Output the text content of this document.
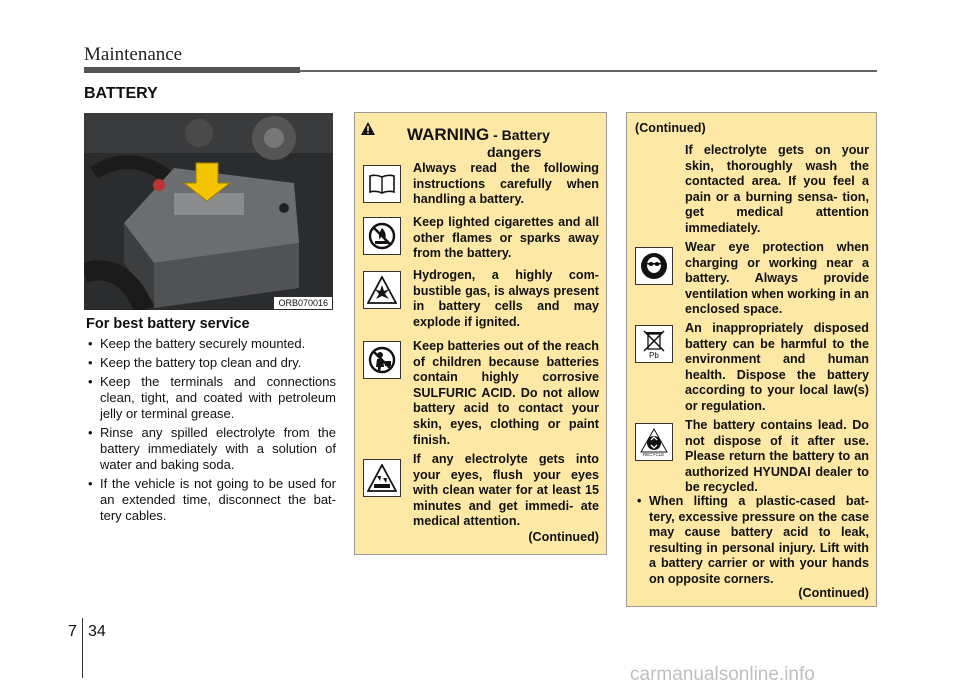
Maintenance
BATTERY
ORB070016
For best battery service
• Keep the battery securely mounted.
• Keep the battery top clean and dry.
• Keep the terminals and connections clean, tight, and coated with petroleum jelly or terminal grease.
• Rinse any spilled electrolyte from the battery immediately with a solution of water and baking soda.
• If the vehicle is not going to be used for an extended time, disconnect the bat- tery cables.
WARNING - Battery
dangers
Always read the following instructions carefully when handling a battery.
Keep lighted cigarettes and all other flames or sparks away from the battery.
Hydrogen, a highly com- bustible gas, is always present in battery cells and may explode if ignited.
Keep batteries out of the reach of children because batteries contain highly corrosive SULFURIC ACID. Do not allow battery acid to contact your skin, eyes, clothing or paint finish.
If any electrolyte gets into your eyes, flush your eyes with clean water for at least 15 minutes and get immedi- ate medical attention.
(Continued)
(Continued)
If electrolyte gets on your skin, thoroughly wash the contacted area. If you feel a pain or a burning sensa- tion, get medical attention immediately.
Wear eye protection when charging or working near a battery. Always provide ventilation when working in an enclosed space.
Pb
An inappropriately disposed battery can be harmful to the environment and human health. Dispose the battery according to your local law(s) or regulation.
RECYCLE
The battery contains lead. Do not dispose of it after use. Please return the battery to an authorized HYUNDAI dealer to be recycled.
• When lifting a plastic-cased bat- tery, excessive pressure on the case may cause battery acid to leak, resulting in personal injury. Lift with a battery carrier or with your hands on opposite corners.
(Continued)
7 34
carmanualsonline.info
